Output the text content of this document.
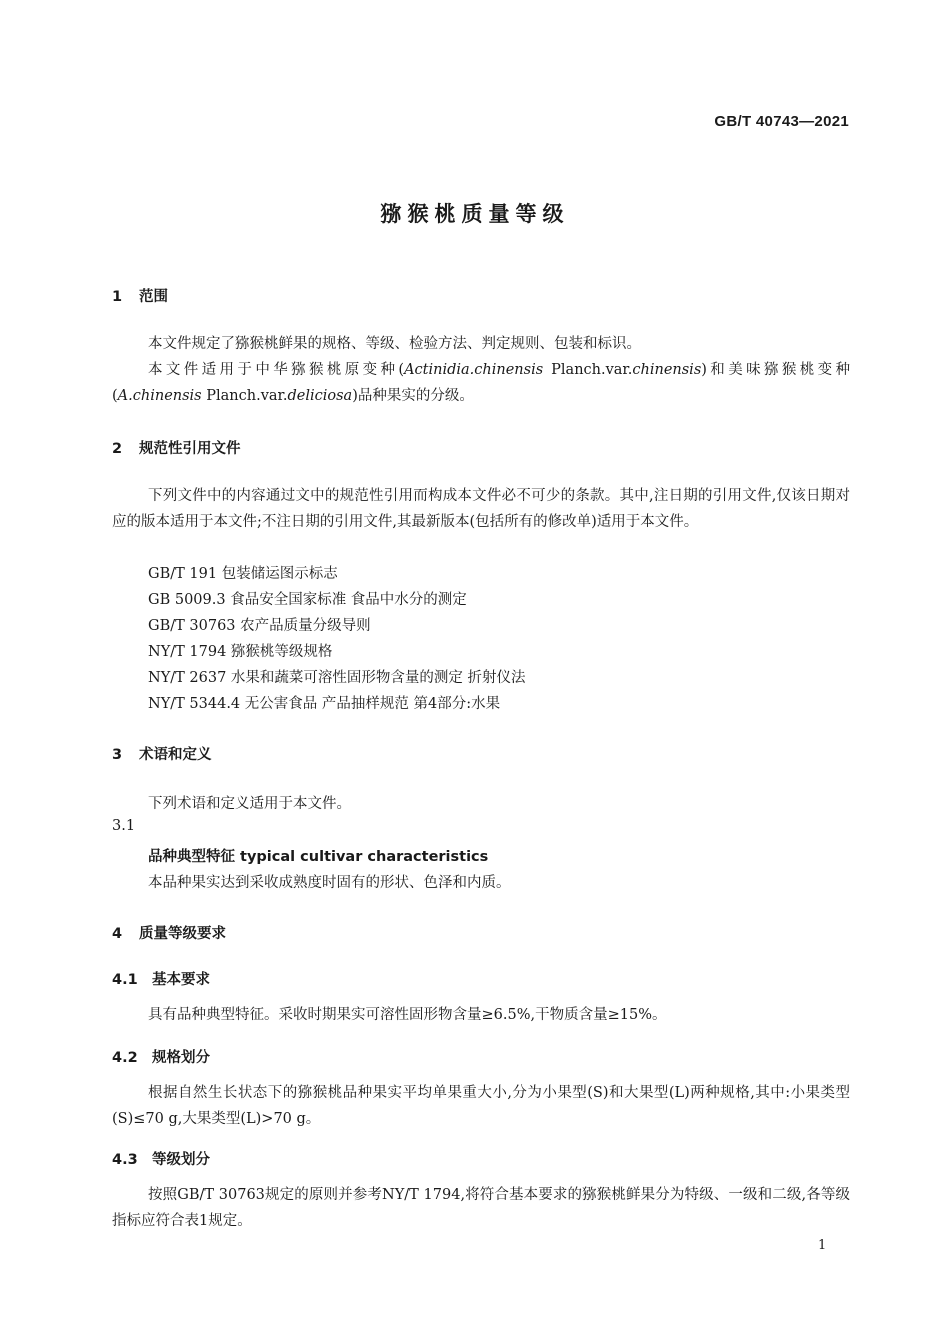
GB/T 40743—2021
猕猴桃质量等级
1 范围
本文件规定了猕猴桃鲜果的规格、等级、检验方法、判定规则、包装和标识。
本文件适用于中华猕猴桃原变种(Actinidia.chinensis Planch.var.chinensis)和美味猕猴桃变种(A.chinensis Planch.var.deliciosa)品种果实的分级。
2 规范性引用文件
下列文件中的内容通过文中的规范性引用而构成本文件必不可少的条款。其中,注日期的引用文件,仅该日期对应的版本适用于本文件;不注日期的引用文件,其最新版本(包括所有的修改单)适用于本文件。
GB/T 191 包装储运图示标志
GB 5009.3 食品安全国家标准 食品中水分的测定
GB/T 30763 农产品质量分级导则
NY/T 1794 猕猴桃等级规格
NY/T 2637 水果和蔬菜可溶性固形物含量的测定 折射仪法
NY/T 5344.4 无公害食品 产品抽样规范 第4部分:水果
3 术语和定义
下列术语和定义适用于本文件。
3.1
品种典型特征 typical cultivar characteristics
本品种果实达到采收成熟度时固有的形状、色泽和内质。
4 质量等级要求
4.1 基本要求
具有品种典型特征。采收时期果实可溶性固形物含量≥6.5%,干物质含量≥15%。
4.2 规格划分
根据自然生长状态下的猕猴桃品种果实平均单果重大小,分为小果型(S)和大果型(L)两种规格,其中:小果类型(S)≤70 g,大果类型(L)>70 g。
4.3 等级划分
按照GB/T 30763规定的原则并参考NY/T 1794,将符合基本要求的猕猴桃鲜果分为特级、一级和二级,各等级指标应符合表1规定。
1
